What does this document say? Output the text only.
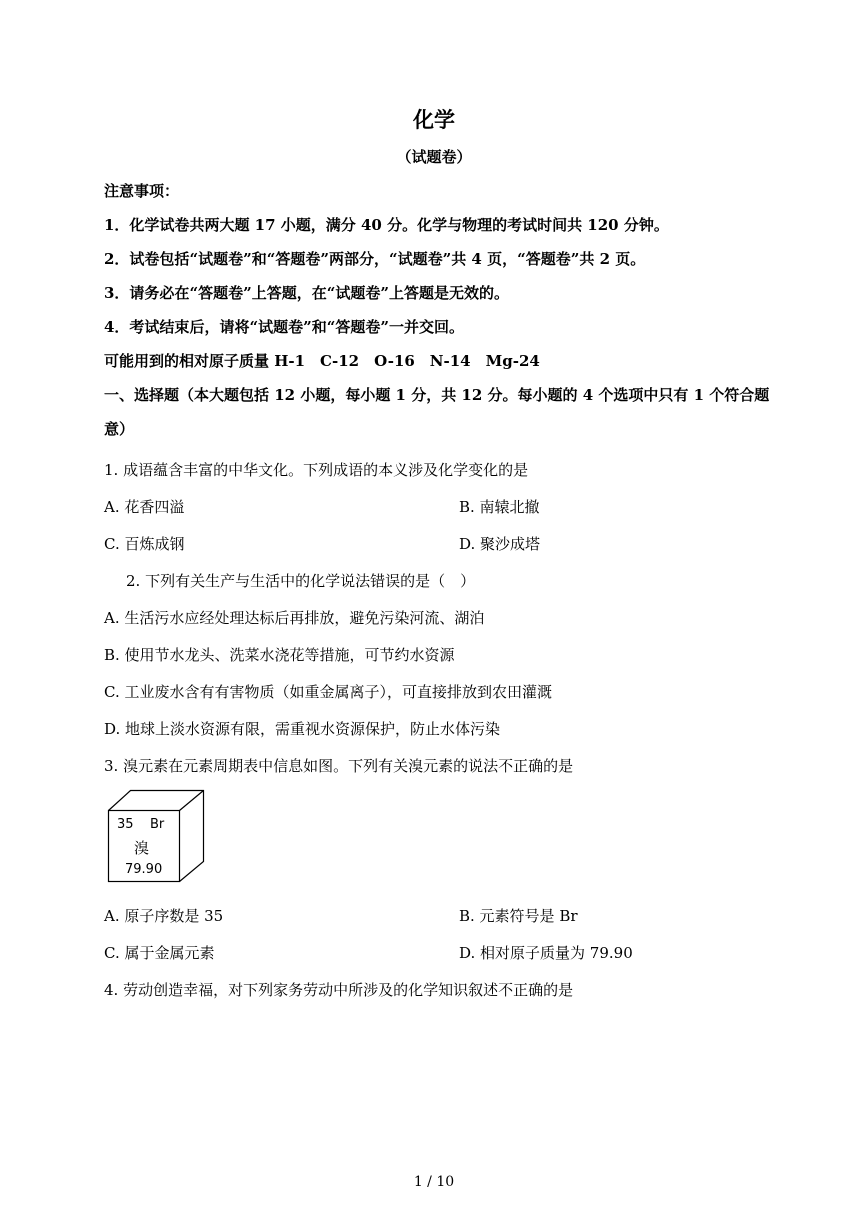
化学
（试题卷）
注意事项：
1．化学试卷共两大题 17 小题，满分 40 分。化学与物理的考试时间共 120 分钟。
2．试卷包括“试题卷”和“答题卷”两部分，“试题卷”共 4 页，“答题卷”共 2 页。
3．请务必在“答题卷”上答题，在“试题卷”上答题是无效的。
4．考试结束后，请将“试题卷”和“答题卷”一并交回。
可能用到的相对原子质量 H-1　C-12　O-16　N-14　Mg-24
一、选择题（本大题包括 12 小题，每小题 1 分，共 12 分。每小题的 4 个选项中只有 1 个符合题意）
1. 成语蕴含丰富的中华文化。下列成语的本义涉及化学变化的是
A. 花香四溢	B. 南辕北撤
C. 百炼成钢	D. 聚沙成塔
2. 下列有关生产与生活中的化学说法错误的是（　）
A. 生活污水应经处理达标后再排放，避免污染河流、湖泊
B. 使用节水龙头、洗菜水浇花等措施，可节约水资源
C. 工业废水含有有害物质（如重金属离子），可直接排放到农田灌溉
D. 地球上淡水资源有限，需重视水资源保护，防止水体污染
3. 溴元素在元素周期表中信息如图。下列有关溴元素的说法不正确的是
35 Br
溴
79.90
A. 原子序数是 35	B. 元素符号是 Br
C. 属于金属元素	D. 相对原子质量为 79.90
4. 劳动创造幸福，对下列家务劳动中所涉及的化学知识叙述不正确的是
1 / 10
